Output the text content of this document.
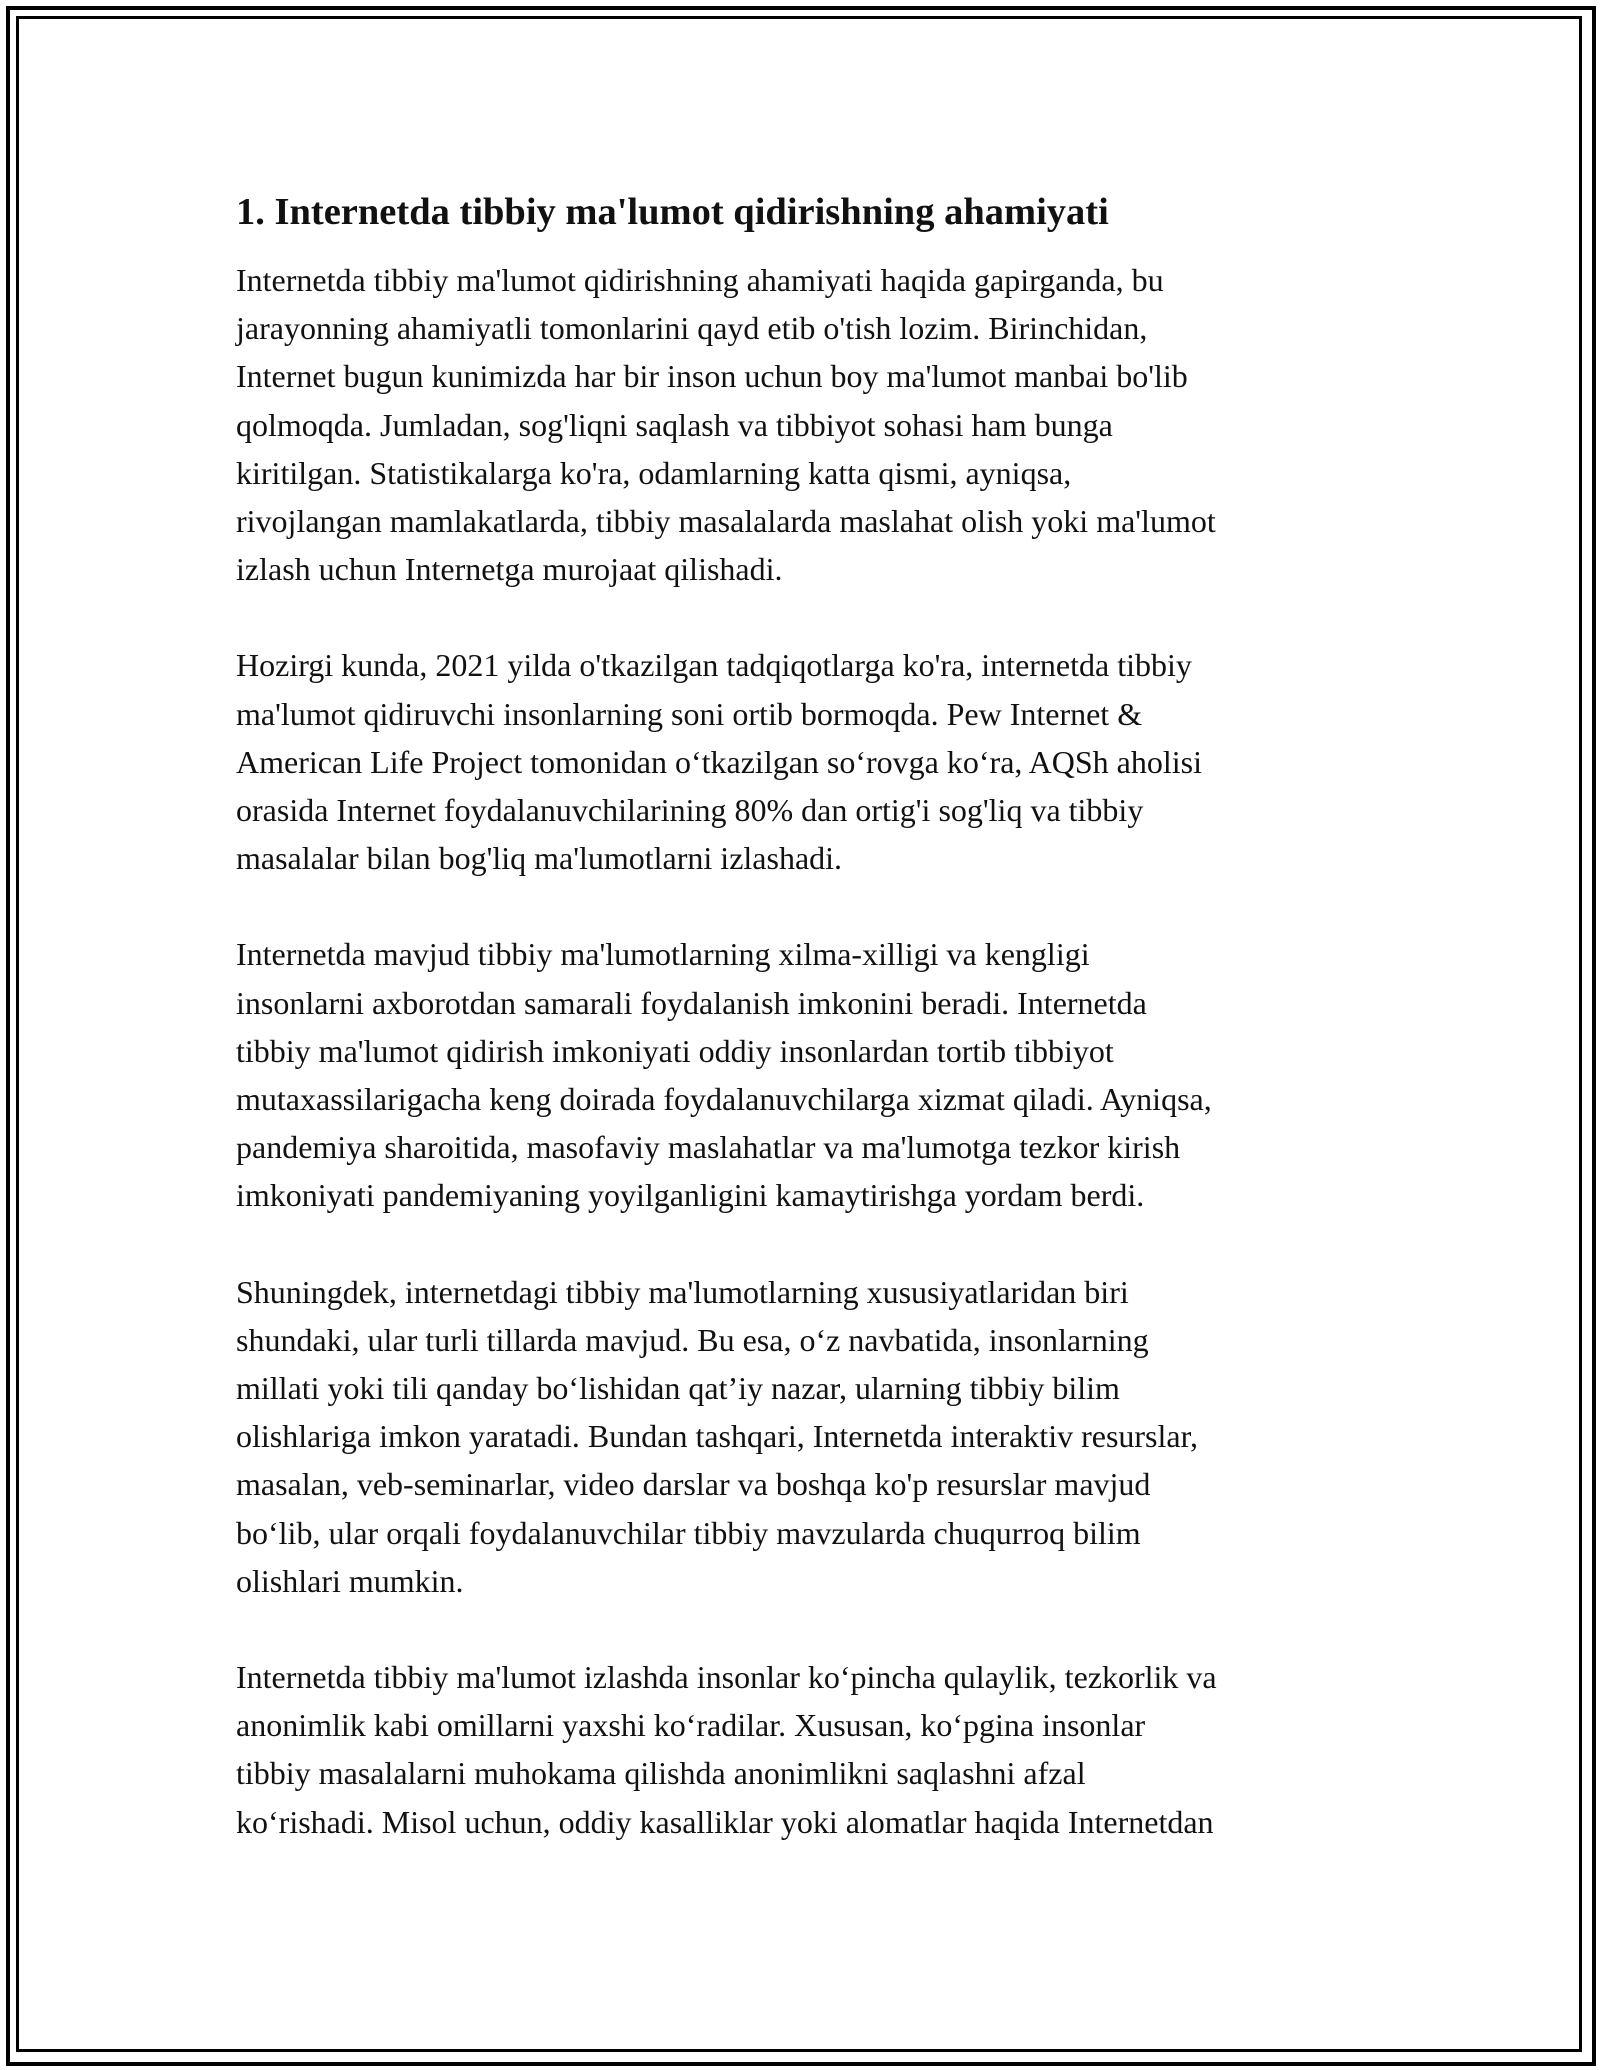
1. Internetda tibbiy ma'lumot qidirishning ahamiyati
Internetda tibbiy ma'lumot qidirishning ahamiyati haqida gapirganda, bu
jarayonning ahamiyatli tomonlarini qayd etib o'tish lozim. Birinchidan,
Internet bugun kunimizda har bir inson uchun boy ma'lumot manbai bo'lib
qolmoqda. Jumladan, sog'liqni saqlash va tibbiyot sohasi ham bunga
kiritilgan. Statistikalarga ko'ra, odamlarning katta qismi, ayniqsa,
rivojlangan mamlakatlarda, tibbiy masalalarda maslahat olish yoki ma'lumot
izlash uchun Internetga murojaat qilishadi.
Hozirgi kunda, 2021 yilda o'tkazilgan tadqiqotlarga ko'ra, internetda tibbiy
ma'lumot qidiruvchi insonlarning soni ortib bormoqda. Pew Internet &
American Life Project tomonidan o‘tkazilgan so‘rovga ko‘ra, AQSh aholisi
orasida Internet foydalanuvchilarining 80% dan ortig'i sog'liq va tibbiy
masalalar bilan bog'liq ma'lumotlarni izlashadi.
Internetda mavjud tibbiy ma'lumotlarning xilma-xilligi va kengligi
insonlarni axborotdan samarali foydalanish imkonini beradi. Internetda
tibbiy ma'lumot qidirish imkoniyati oddiy insonlardan tortib tibbiyot
mutaxassilarigacha keng doirada foydalanuvchilarga xizmat qiladi. Ayniqsa,
pandemiya sharoitida, masofaviy maslahatlar va ma'lumotga tezkor kirish
imkoniyati pandemiyaning yoyilganligini kamaytirishga yordam berdi.
Shuningdek, internetdagi tibbiy ma'lumotlarning xususiyatlaridan biri
shundaki, ular turli tillarda mavjud. Bu esa, o‘z navbatida, insonlarning
millati yoki tili qanday bo‘lishidan qat’iy nazar, ularning tibbiy bilim
olishlariga imkon yaratadi. Bundan tashqari, Internetda interaktiv resurslar,
masalan, veb-seminarlar, video darslar va boshqa ko'p resurslar mavjud
bo‘lib, ular orqali foydalanuvchilar tibbiy mavzularda chuqurroq bilim
olishlari mumkin.
Internetda tibbiy ma'lumot izlashda insonlar ko‘pincha qulaylik, tezkorlik va
anonimlik kabi omillarni yaxshi ko‘radilar. Xususan, ko‘pgina insonlar
tibbiy masalalarni muhokama qilishda anonimlikni saqlashni afzal
ko‘rishadi. Misol uchun, oddiy kasalliklar yoki alomatlar haqida Internetdan
